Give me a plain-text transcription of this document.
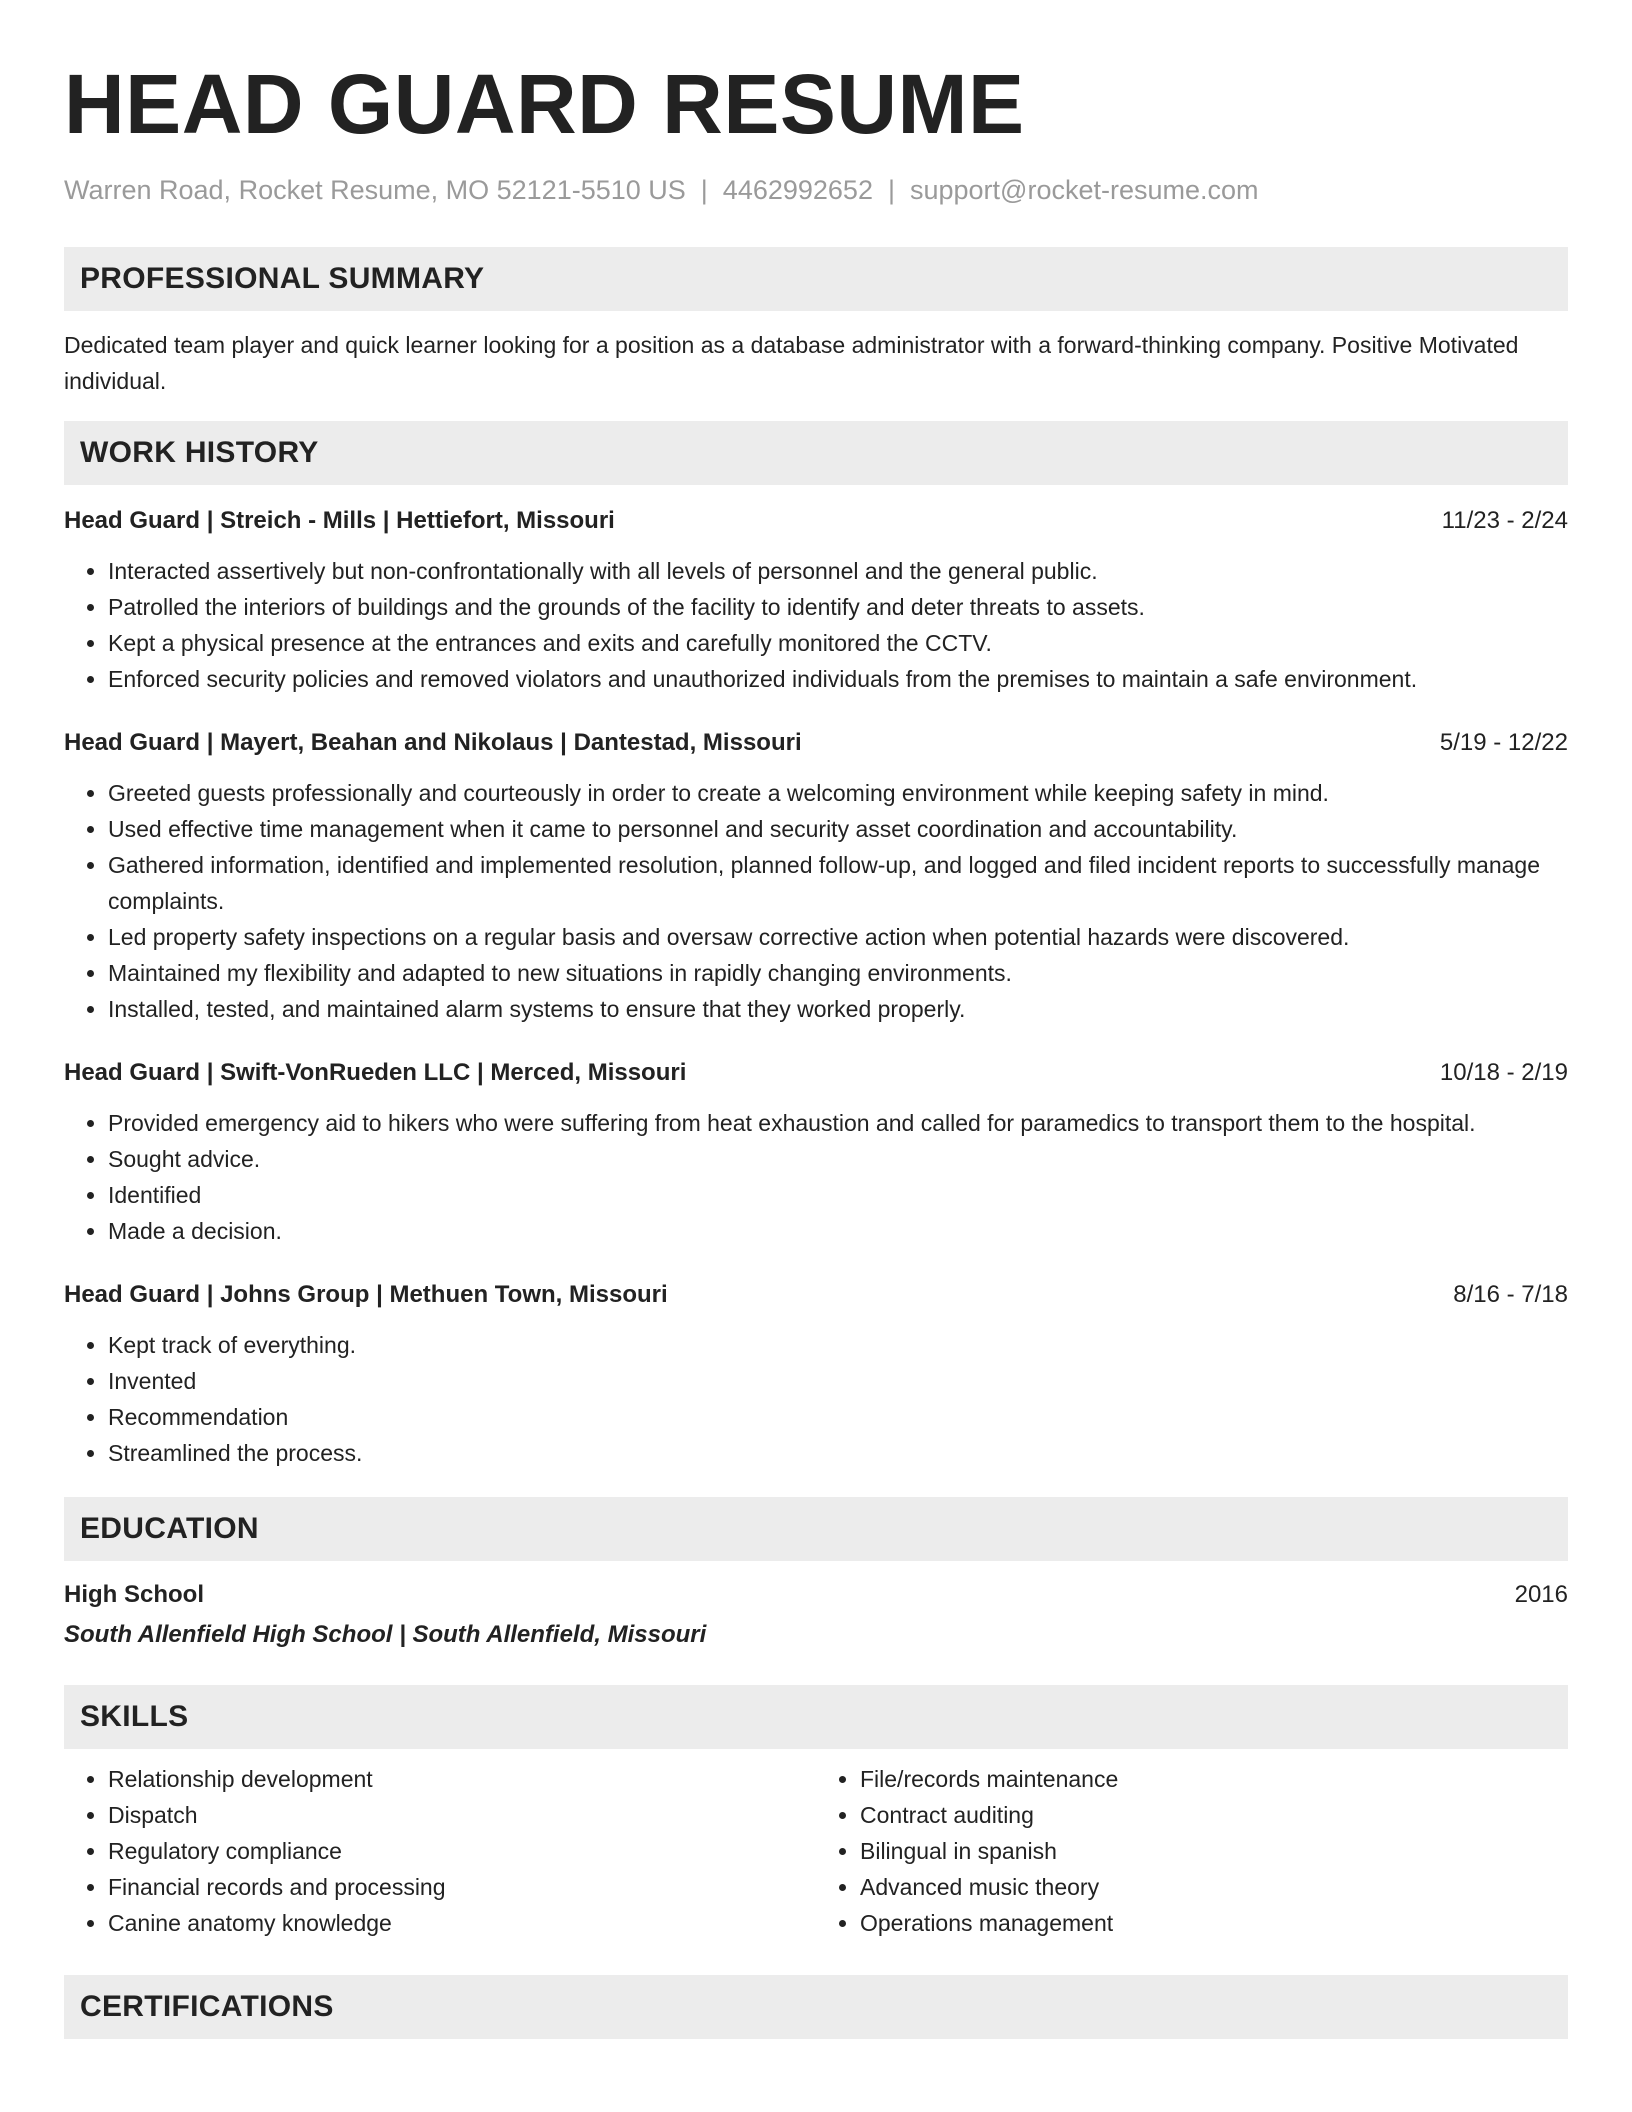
HEAD GUARD RESUME
Warren Road, Rocket Resume, MO 52121-5510 US | 4462992652 | support@rocket-resume.com
PROFESSIONAL SUMMARY

Dedicated team player and quick learner looking for a position as a database administrator with a forward-thinking company. Positive Motivated individual.

WORK HISTORY
Head Guard | Streich - Mills | Hettiefort, Missouri	11/23 - 2/24
• Interacted assertively but non-confrontationally with all levels of personnel and the general public.
• Patrolled the interiors of buildings and the grounds of the facility to identify and deter threats to assets.
• Kept a physical presence at the entrances and exits and carefully monitored the CCTV.
• Enforced security policies and removed violators and unauthorized individuals from the premises to maintain a safe environment.
Head Guard | Mayert, Beahan and Nikolaus | Dantestad, Missouri	5/19 - 12/22
• Greeted guests professionally and courteously in order to create a welcoming environment while keeping safety in mind.
• Used effective time management when it came to personnel and security asset coordination and accountability.
• Gathered information, identified and implemented resolution, planned follow-up, and logged and filed incident reports to successfully manage complaints.
• Led property safety inspections on a regular basis and oversaw corrective action when potential hazards were discovered.
• Maintained my flexibility and adapted to new situations in rapidly changing environments.
• Installed, tested, and maintained alarm systems to ensure that they worked properly.
Head Guard | Swift-VonRueden LLC | Merced, Missouri	10/18 - 2/19
• Provided emergency aid to hikers who were suffering from heat exhaustion and called for paramedics to transport them to the hospital.
• Sought advice.
• Identified
• Made a decision.
Head Guard | Johns Group | Methuen Town, Missouri	8/16 - 7/18
• Kept track of everything.
• Invented
• Recommendation
• Streamlined the process.
EDUCATION
High School	2016
South Allenfield High School | South Allenfield, Missouri
SKILLS
• Relationship development
• Dispatch
• Regulatory compliance
• Financial records and processing
• Canine anatomy knowledge
• File/records maintenance
• Contract auditing
• Bilingual in spanish
• Advanced music theory
• Operations management
CERTIFICATIONS
